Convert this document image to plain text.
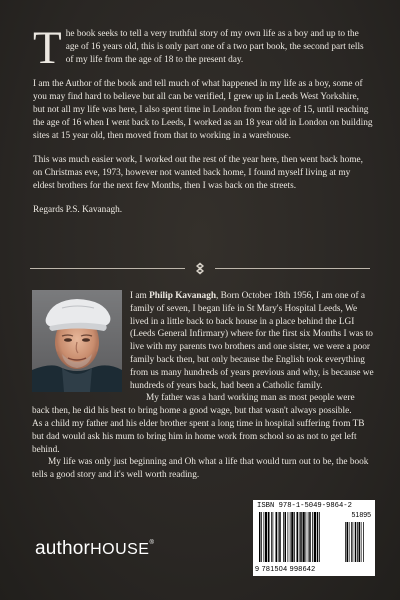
The book seeks to tell a very truthful story of my own life as a boy and up to the age of 16 years old, this is only part one of a two part book, the second part tells of my life from the age of 18 to the present day.

I am the Author of the book and tell much of what happened in my life as a boy, some of you may find hard to believe but all can be verified, I grew up in Leeds West Yorkshire, but not all my life was here, I also spent time in London from the age of 15, until reaching the age of 16 when I went back to Leeds, I worked as an 18 year old in London on building sites at 15 year old, then moved from that to working in a warehouse.

This was much easier work, I worked out the rest of the year here, then went back home, on Christmas eve, 1973, however not wanted back home, I found myself living at my eldest brothers for the next few Months, then I was back on the streets.

Regards P.S. Kavanagh.

I am Philip Kavanagh, Born October 18th 1956, I am one of a family of seven, I began life in St Mary's Hospital Leeds, We lived in a little back to back house in a place behind the LGI (Leeds General Infirmary) where for the first six Months I was to live with my parents two brothers and one sister, we were a poor family back then, but only because the English took everything from us many hundreds of years previous and why, is because we hundreds of years back, had been a Catholic family.

My father was a hard working man as most people were back then, he did his best to bring home a good wage, but that wasn't always possible.

As a child my father and his elder brother spent a long time in hospital suffering from TB but dad would ask his mum to bring him in home work from school so as not to get left behind.

My life was only just beginning and Oh what a life that would turn out to be, the book tells a good story and it's well worth reading.

authorHOUSE®
ISBN 978-1-5049-9864-2
51895
9 781504 998642
